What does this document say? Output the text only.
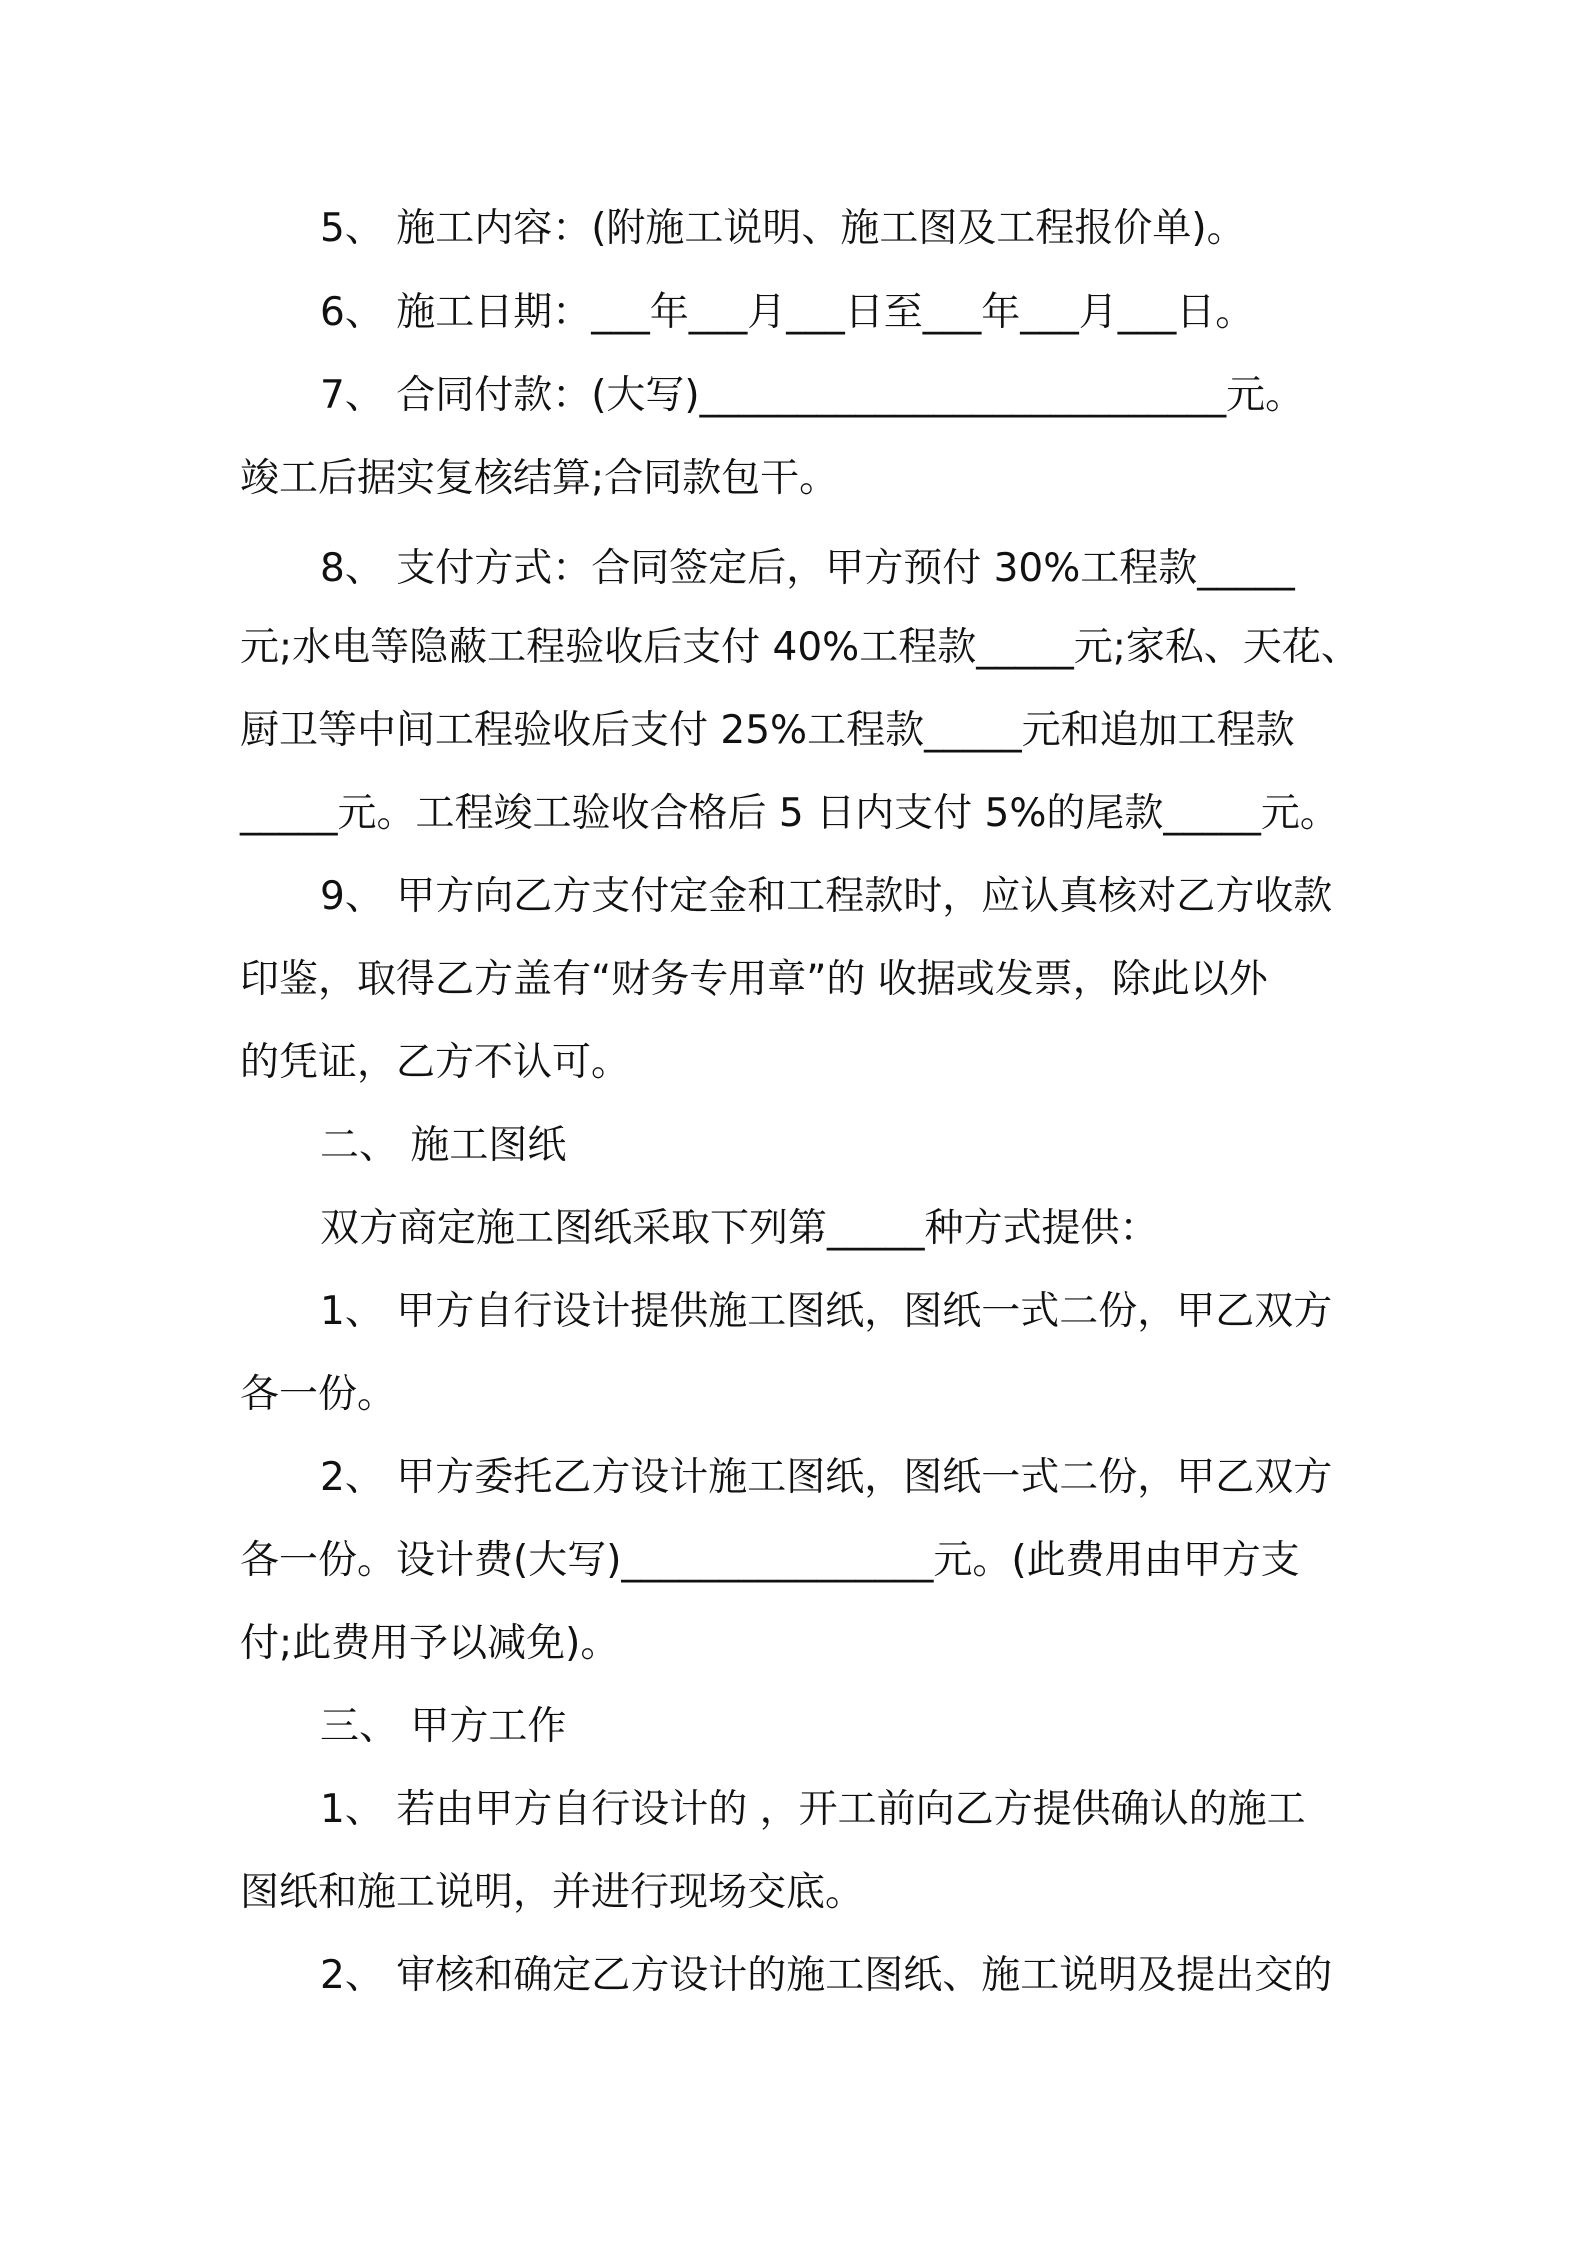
5、 施工内容：(附施工说明、施工图及工程报价单)。
6、 施工日期：___年___月___日至___年___月___日。
7、 合同付款：(大写)___________________________元。
竣工后据实复核结算;合同款包干。
8、 支付方式：合同签定后，甲方预付 30%工程款_____
元;水电等隐蔽工程验收后支付 40%工程款_____元;家私、天花、
厨卫等中间工程验收后支付 25%工程款_____元和追加工程款
_____元。工程竣工验收合格后 5 日内支付 5%的尾款_____元。
9、 甲方向乙方支付定金和工程款时，应认真核对乙方收款
印鉴，取得乙方盖有“财务专用章”的 收据或发票，除此以外
的凭证，乙方不认可。
二、 施工图纸
双方商定施工图纸采取下列第_____种方式提供：
1、 甲方自行设计提供施工图纸，图纸一式二份，甲乙双方
各一份。
2、 甲方委托乙方设计施工图纸，图纸一式二份，甲乙双方
各一份。设计费(大写)________________元。(此费用由甲方支
付;此费用予以减免)。
三、 甲方工作
1、 若由甲方自行设计的 ，开工前向乙方提供确认的施工
图纸和施工说明，并进行现场交底。
2、 审核和确定乙方设计的施工图纸、施工说明及提出交的
